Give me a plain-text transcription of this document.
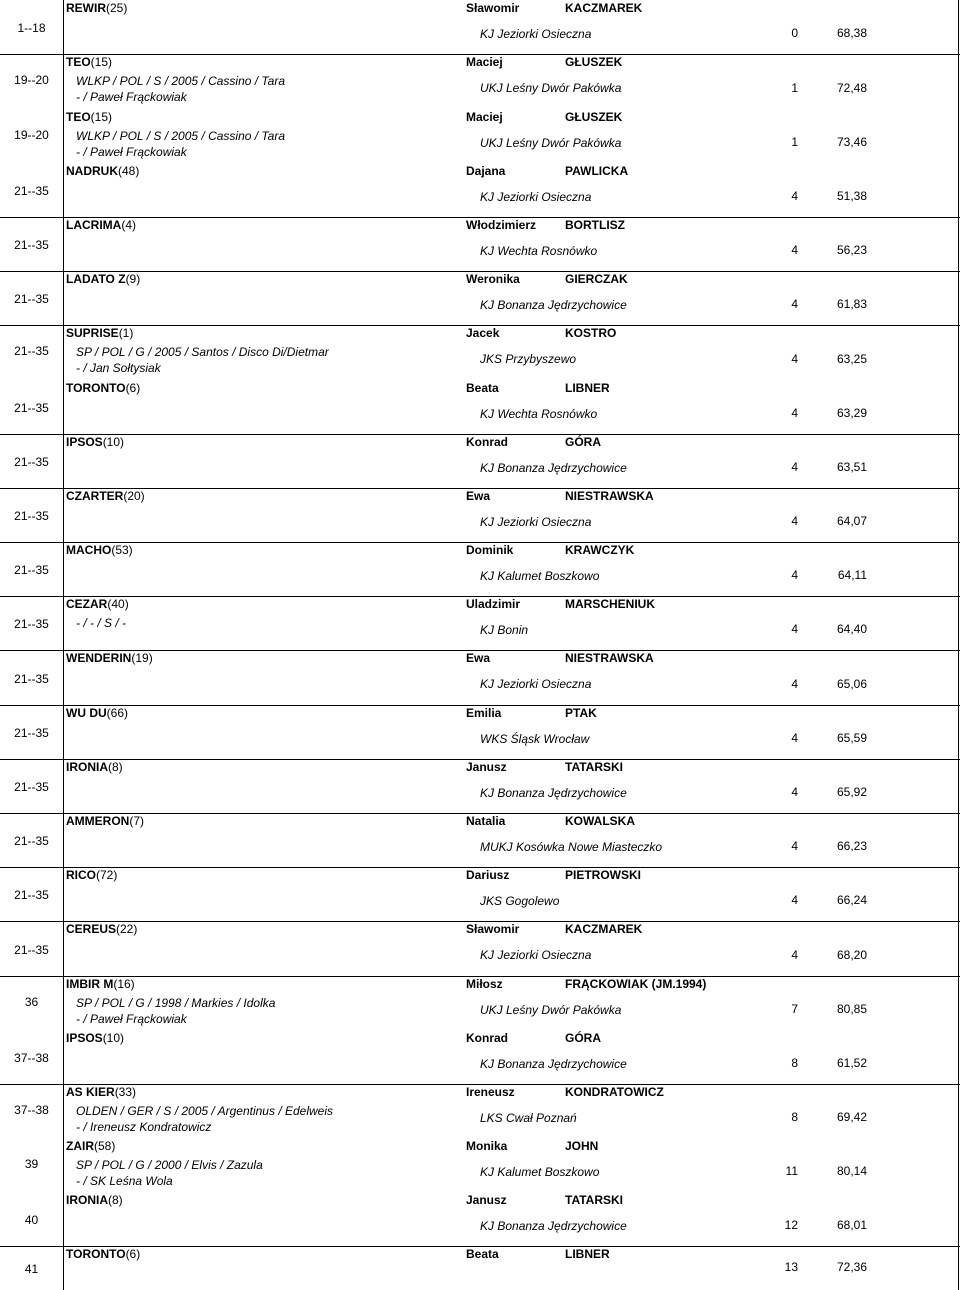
1--18
REWIR(25)	Sławomir	KACZMAREK
KJ Jeziorki Osieczna	0	68,38
19--20
TEO(15)
WLKP / POL / S / 2005 / Cassino / Tara
- / Paweł Frąckowiak
Maciej	GŁUSZEK
UKJ Leśny Dwór Pakówka	1	72,48
19--20
TEO(15)
WLKP / POL / S / 2005 / Cassino / Tara
- / Paweł Frąckowiak
Maciej	GŁUSZEK
UKJ Leśny Dwór Pakówka	1	73,46
21--35
NADRUK(48)	Dajana	PAWLICKA
KJ Jeziorki Osieczna	4	51,38
21--35
LACRIMA(4)	Włodzimierz BORTLISZ
KJ Wechta Rosnówko	4	56,23
21--35
LADATO Z(9)	Weronika	GIERCZAK
KJ Bonanza Jędrzychowice	4	61,83
21--35
SUPRISE(1)
SP / POL / G / 2005 / Santos / Disco Di/Dietmar
- / Jan Sołtysiak
Jacek	KOSTRO
JKS Przybyszewo	4	63,25
21--35
TORONTO(6)	Beata	LIBNER
KJ Wechta Rosnówko	4	63,29
21--35
IPSOS(10)	Konrad	GÓRA
KJ Bonanza Jędrzychowice	4	63,51
21--35
CZARTER(20)	Ewa	NIESTRAWSKA
KJ Jeziorki Osieczna	4	64,07
21--35
MACHO(53)	Dominik	KRAWCZYK
KJ Kalumet Boszkowo	4	64,11
21--35
CEZAR(40)
- / - / S / -
Uladzimir	MARSCHENIUK
KJ Bonin	4	64,40
21--35
WENDERIN(19)	Ewa	NIESTRAWSKA
KJ Jeziorki Osieczna	4	65,06
21--35
WU DU(66)	Emilia	PTAK
WKS Śląsk Wrocław	4	65,59
21--35
IRONIA(8)	Janusz	TATARSKI
KJ Bonanza Jędrzychowice	4	65,92
21--35
AMMERON(7)	Natalia	KOWALSKA
MUKJ Kosówka Nowe Miasteczko	4	66,23
21--35
RICO(72)	Dariusz	PIETROWSKI
JKS Gogolewo	4	66,24
21--35
CEREUS(22)	Sławomir	KACZMAREK
KJ Jeziorki Osieczna	4	68,20
36
IMBIR M(16)
SP / POL / G / 1998 / Markies / Idolka
- / Paweł Frąckowiak
Miłosz	FRĄCKOWIAK (JM.1994)
UKJ Leśny Dwór Pakówka	7	80,85
37--38
IPSOS(10)	Konrad	GÓRA
KJ Bonanza Jędrzychowice	8	61,52
37--38
AS KIER(33)
OLDEN / GER / S / 2005 / Argentinus / Edelweis
- / Ireneusz Kondratowicz
Ireneusz	KONDRATOWICZ
LKS Cwał Poznań	8	69,42
39
ZAIR(58)
SP / POL / G / 2000 / Elvis / Zazula
- / SK Leśna Wola
Monika	JOHN
KJ Kalumet Boszkowo	11	80,14
40
IRONIA(8)	Janusz	TATARSKI
KJ Bonanza Jędrzychowice	12	68,01
41
TORONTO(6)	Beata	LIBNER
13	72,36
